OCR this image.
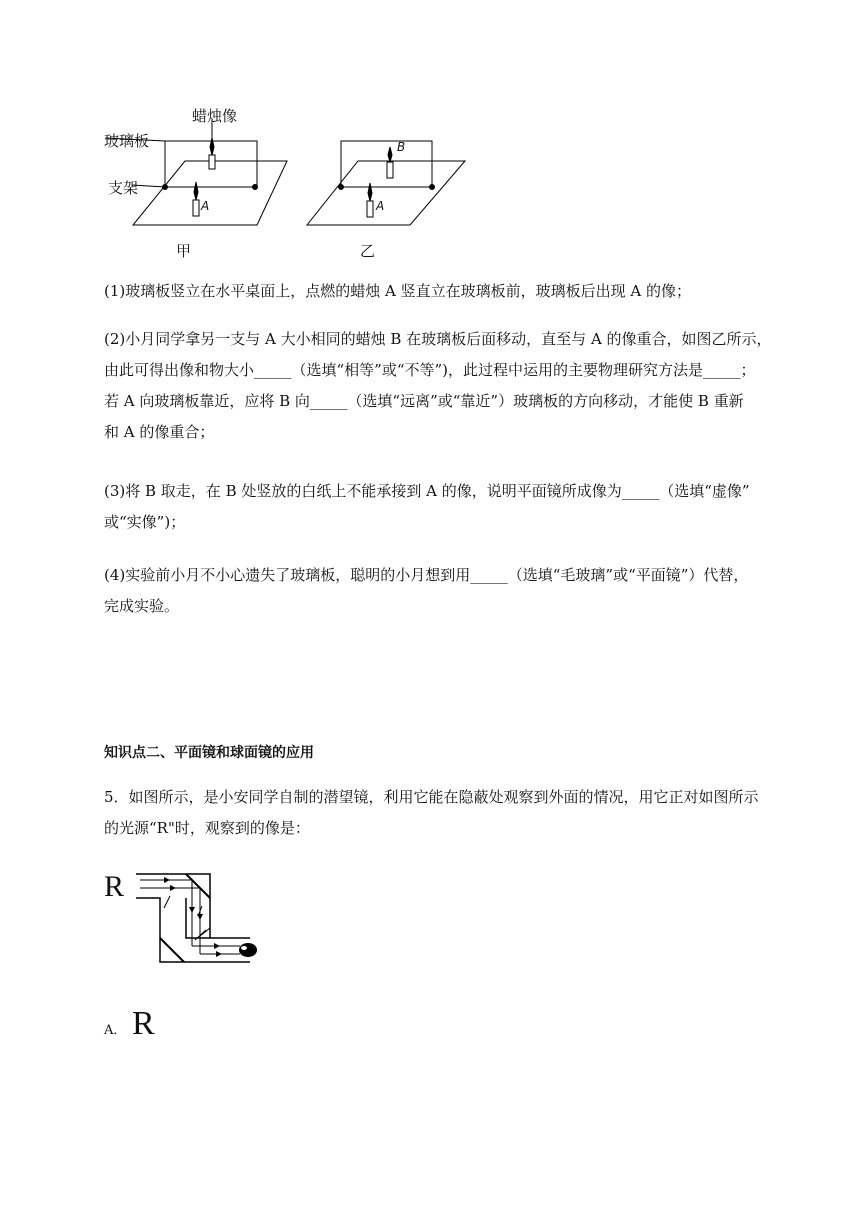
蜡烛像
玻璃板
支架
A
B
A
甲	乙
(1)玻璃板竖立在水平桌面上，点燃的蜡烛 A 竖直立在玻璃板前，玻璃板后出现 A 的像；
(2)小月同学拿另一支与 A 大小相同的蜡烛 B 在玻璃板后面移动，直至与 A 的像重合，如图乙所示，
由此可得出像和物大小_____（选填“相等”或“不等”)，此过程中运用的主要物理研究方法是_____；
若 A 向玻璃板靠近，应将 B 向_____（选填“远离”或“靠近”）玻璃板的方向移动，才能使 B 重新
和 A 的像重合；
(3)将 B 取走，在 B 处竖放的白纸上不能承接到 A 的像，说明平面镜所成像为_____（选填“虚像”
或“实像”)；
(4)实验前小月不小心遗失了玻璃板，聪明的小月想到用_____（选填“毛玻璃”或“平面镜”）代替，
完成实验。
知识点二、平面镜和球面镜的应用
5．如图所示，是小安同学自制的潜望镜，利用它能在隐蔽处观察到外面的情况，用它正对如图所示
的光源“R"时，观察到的像是：
R
A． R
